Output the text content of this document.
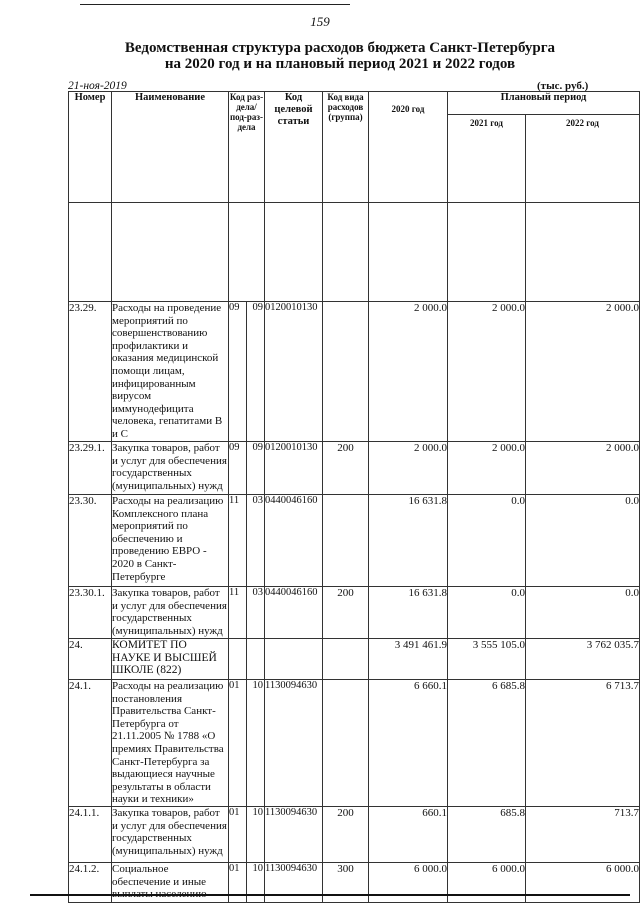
159
Ведомственная структура расходов бюджета Санкт-Петербурга
на 2020 год и на плановый период 2021 и 2022 годов
21-ноя-2019	(тыс. руб.)
Номер	Наименование	Код раз-дела/ под-раз-дела		Код целевой статьи	Код вида расходов (группа)	2020 год	Плановый период	
							2021 год	2022 год

23.29.	Расходы на проведение мероприятий по совершенствованию профилактики и оказания медицинской помощи лицам, инфицированным вирусом иммунодефицита человека, гепатитами В и С	09	09	0120010130		2 000.0	2 000.0	2 000.0
23.29.1.	Закупка товаров, работ и услуг для обеспечения государственных (муниципальных) нужд	09	09	0120010130	200	2 000.0	2 000.0	2 000.0
23.30.	Расходы на реализацию Комплексного плана мероприятий по обеспечению и проведению ЕВРО - 2020 в Санкт-Петербурге	11	03	0440046160		16 631.8	0.0	0.0
23.30.1.	Закупка товаров, работ и услуг для обеспечения государственных (муниципальных) нужд	11	03	0440046160	200	16 631.8	0.0	0.0
24.	КОМИТЕТ ПО НАУКЕ И ВЫСШЕЙ ШКОЛЕ (822)					3 491 461.9	3 555 105.0	3 762 035.7
24.1.	Расходы на реализацию постановления Правительства Санкт-Петербурга от 21.11.2005 № 1788 «О премиях Правительства Санкт-Петербурга за выдающиеся научные результаты в области науки и техники»	01	10	1130094630		6 660.1	6 685.8	6 713.7
24.1.1.	Закупка товаров, работ и услуг для обеспечения государственных (муниципальных) нужд	01	10	1130094630	200	660.1	685.8	713.7
24.1.2.	Социальное обеспечение и иные выплаты населению	01	10	1130094630	300	6 000.0	6 000.0	6 000.0
